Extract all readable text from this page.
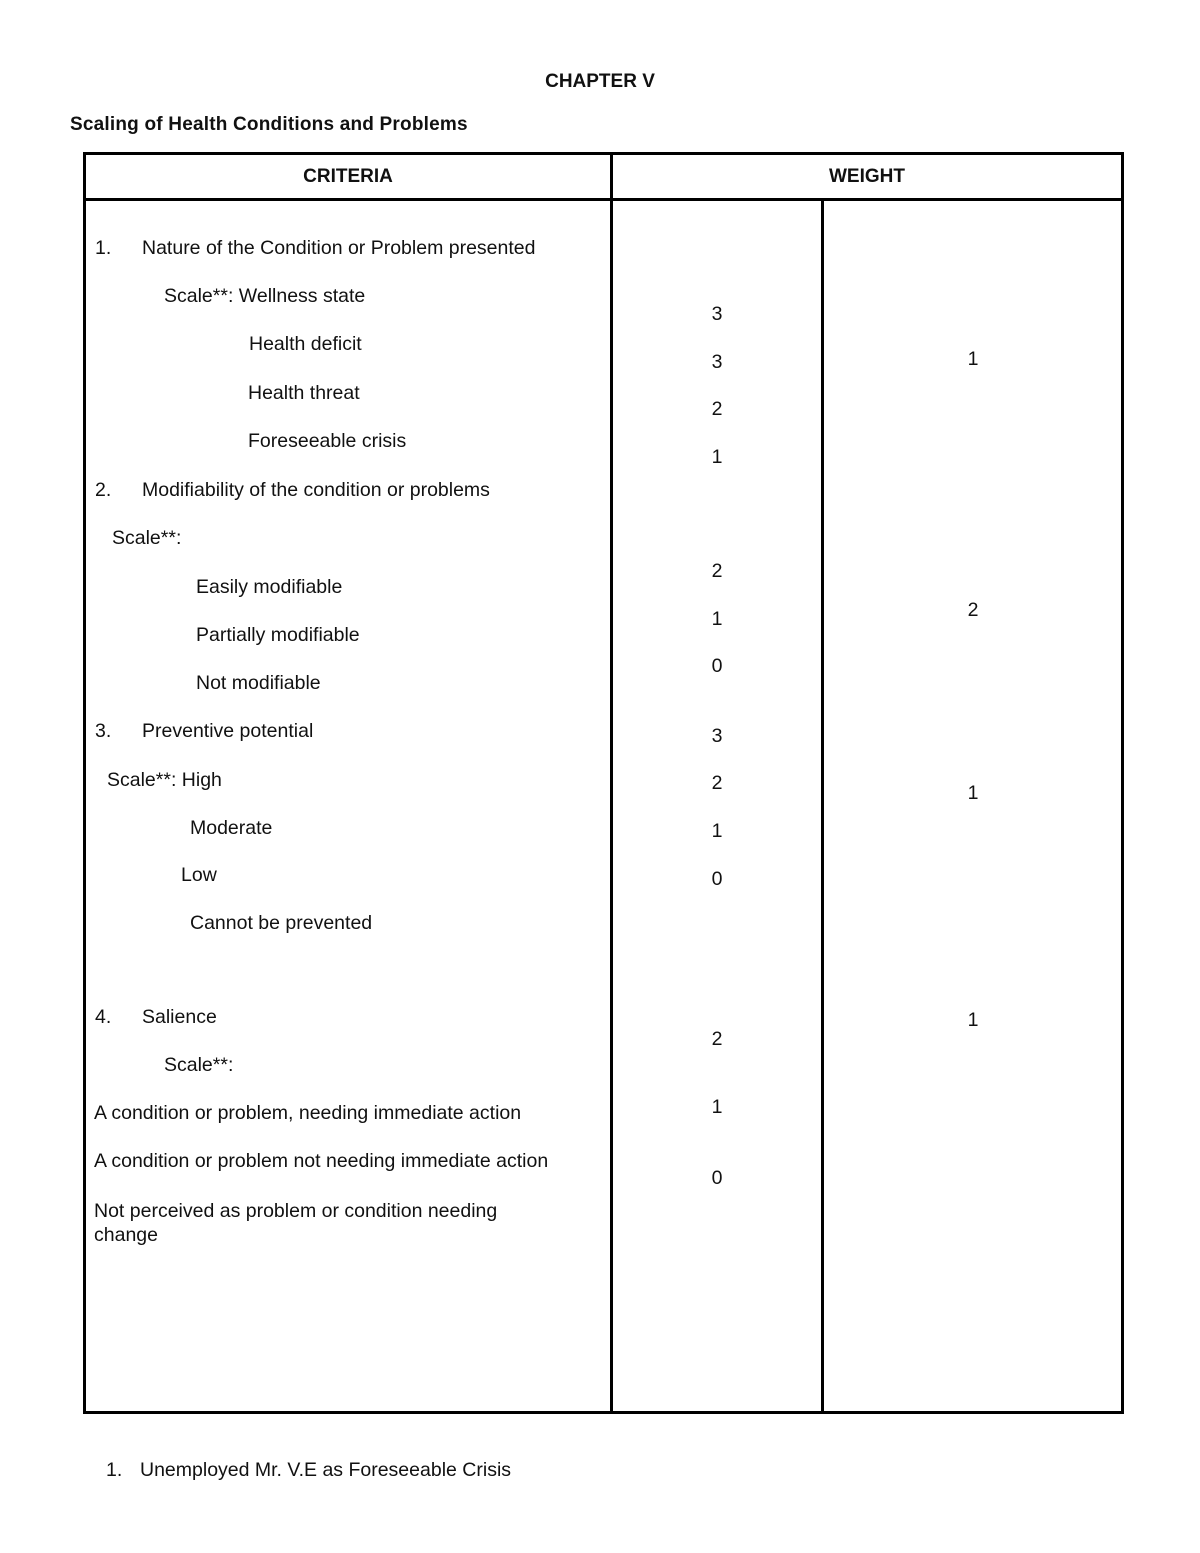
CHAPTER V
Scaling of Health Conditions and Problems
CRITERIA	WEIGHT
1. Nature of the Condition or Problem presented
Scale**: Wellness state
Health deficit
Health threat
Foreseeable crisis
3
3
2
1
1
2. Modifiability of the condition or problems
Scale**:
Easily modifiable
Partially modifiable
Not modifiable
2
1
0
2
3. Preventive potential
Scale**: High
Moderate
Low
Cannot be prevented
3
2
1
0
1
4. Salience
Scale**:
A condition or problem, needing immediate action
A condition or problem not needing immediate action
Not perceived as problem or condition needing change
2
1
0
1
1. Unemployed Mr. V.E as Foreseeable Crisis
